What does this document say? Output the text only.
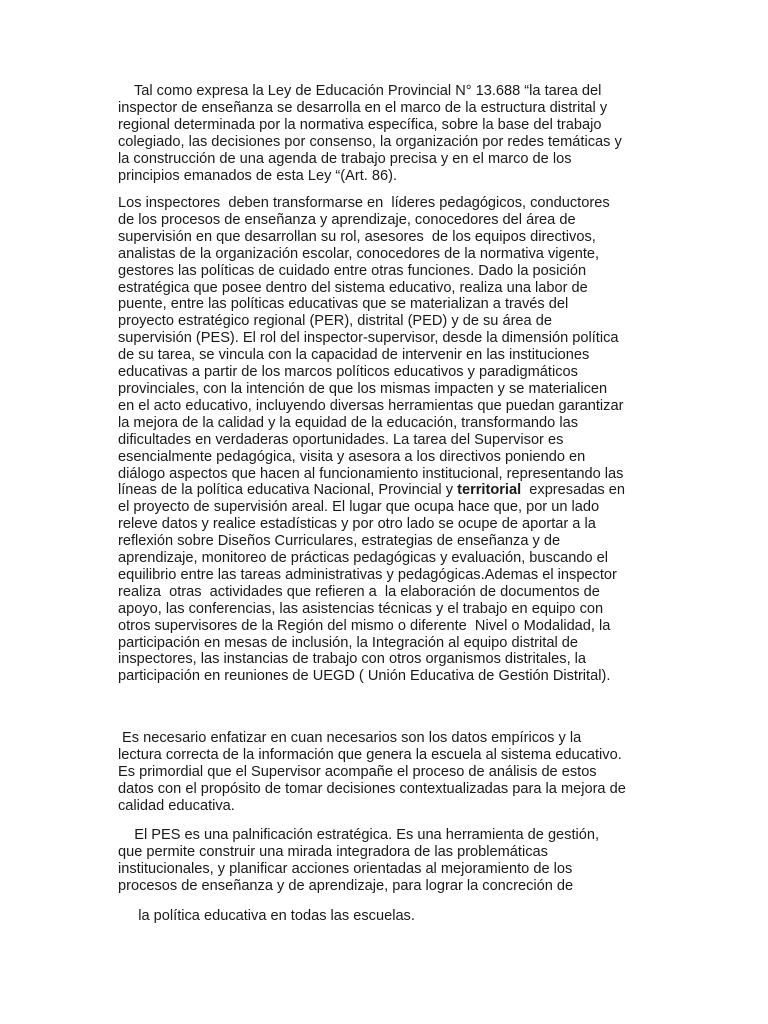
Tal como expresa la Ley de Educación Provincial N° 13.688 “la tarea del
inspector de enseñanza se desarrolla en el marco de la estructura distrital y
regional determinada por la normativa específica, sobre la base del trabajo
colegiado, las decisiones por consenso, la organización por redes temáticas y
la construcción de una agenda de trabajo precisa y en el marco de los
principios emanados de esta Ley “(Art. 86).

Los inspectores  deben transformarse en  líderes pedagógicos, conductores
de los procesos de enseñanza y aprendizaje, conocedores del área de
supervisión en que desarrollan su rol, asesores  de los equipos directivos,
analistas de la organización escolar, conocedores de la normativa vigente,
gestores las políticas de cuidado entre otras funciones. Dado la posición
estratégica que posee dentro del sistema educativo, realiza una labor de
puente, entre las políticas educativas que se materializan a través del
proyecto estratégico regional (PER), distrital (PED) y de su área de
supervisión (PES). El rol del inspector-supervisor, desde la dimensión política
de su tarea, se vincula con la capacidad de intervenir en las instituciones
educativas a partir de los marcos políticos educativos y paradigmáticos
provinciales, con la intención de que los mismas impacten y se materialicen
en el acto educativo, incluyendo diversas herramientas que puedan garantizar
la mejora de la calidad y la equidad de la educación, transformando las
dificultades en verdaderas oportunidades. La tarea del Supervisor es
esencialmente pedagógica, visita y asesora a los directivos poniendo en
diálogo aspectos que hacen al funcionamiento institucional, representando las
líneas de la política educativa Nacional, Provincial y territorial  expresadas en
el proyecto de supervisión areal. El lugar que ocupa hace que, por un lado
releve datos y realice estadísticas y por otro lado se ocupe de aportar a la
reflexión sobre Diseños Curriculares, estrategias de enseñanza y de
aprendizaje, monitoreo de prácticas pedagógicas y evaluación, buscando el
equilibrio entre las tareas administrativas y pedagógicas.Ademas el inspector
realiza  otras  actividades que refieren a  la elaboración de documentos de
apoyo, las conferencias, las asistencias técnicas y el trabajo en equipo con
otros supervisores de la Región del mismo o diferente  Nivel o Modalidad, la
participación en mesas de inclusión, la Integración al equipo distrital de
inspectores, las instancias de trabajo con otros organismos distritales, la
participación en reuniones de UEGD ( Unión Educativa de Gestión Distrital).

Es necesario enfatizar en cuan necesarios son los datos empíricos y la
lectura correcta de la información que genera la escuela al sistema educativo.
Es primordial que el Supervisor acompañe el proceso de análisis de estos
datos con el propósito de tomar decisiones contextualizadas para la mejora de
calidad educativa.

El PES es una palnificación estratégica. Es una herramienta de gestión,
que permite construir una mirada integradora de las problemáticas
institucionales, y planificar acciones orientadas al mejoramiento de los
procesos de enseñanza y de aprendizaje, para lograr la concreción de

la política educativa en todas las escuelas.
